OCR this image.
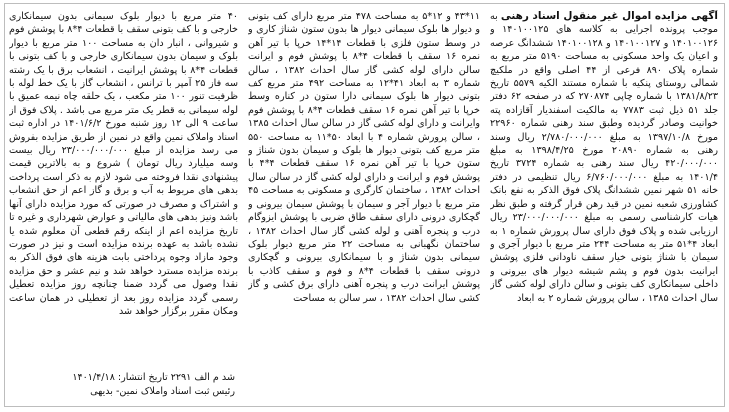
آگهی مزایده اموال غیر منقول اسناد رهنی به موجب پرونده اجرایی به کلاسه های ۱۴۰۱۰۰۱۲۵ و ۱۴۰۱۰۰۱۲۶ و ۱۴۰۱۰۰۱۲۷ و ۱۴۰۱۰۰۱۲۸ ششدانگ عرصه و اعیان یک واحد مسکونی به مساحت ۵۱۹۰ متر مربع به شماره پلاک ۸۹۰ فرعی از ۴۴ اصلی واقع در ملکیچ شمالی روستای پنکیه با شماره مستند الکیه ۵۵۷۹ تاریخ ۱۳۸۱/۸/۲۳ با شماره چاپی ۲۷۰۸۷۴ که در صفحه ۶۲ دفتر جلد ۵۱ ذیل ثبت ۷۷۸۳ به مالکیت اسفندیار آقازاده پته خوانیت وصادر گردیده وطبق سند رهنی شماره ۲۲۹۶۰ مورخ ۱۳۹۷/۱۰/۸ به مبلغ ۲/۷۸۰/۰۰۰/۰۰۰ ریال وسند رهنی به شماره ۲۰۸۹۰ مورخ ۱۳۹۸/۴/۲۵ به مبلغ ۴۲۰/۰۰۰/۰۰۰ ریال سند رهنی به شماره ۳۷۲۴ تاریخ ۱۴۰۱/۴ به مبلغ ۶/۷۶۰/۰۰۰/۰۰۰ ریال تنظیمی در دفتر خانه ۵۱ شهر نمین ششدانگ پلاک فوق الذکر به نفع بانک کشاورزی شعبه نمین در قید رهن قرار گرفته و طبق نظر هیات کارشناسی رسمی به مبلغ ۲۳/۰۰۰/۰۰۰/۰۰۰ ریال ارزیابی شده و پلاک فوق دارای سال پرورش شماره ۱ به ابعاد ۴*۵۱ متر به مساحت ۲۴۴ متر مربع با دیوار آجری و سیمان با شناژ بتونی خیار سقف ناودانی فلزی پوشش ایرانیت بدون فوم و پشم شیشه دیوار های بیرونی و داخلی سیمانکاری کف بتونی و سالن دارای لوله کشی گاز سال احداث ۱۳۸۵ ، سالن پرورش شماره ۲ به ابعاد
۱۱*۴۳ و ۱۲*۵ به مساحت ۴۷۸ متر مربع دارای کف بتونی و دیوار ها بلوک سیمانی دیوار ها بدون ستون شناژ کاری و در وسط ستون فلزی با قطعات ۱۴*۱۴ خرپا با تیر آهن نمره ۱۶ سقف با قطعات ۴*۸ با پوشش فوم و ایرانت سالن دارای لوله کشی گاز سال احداث ۱۳۸۲ ، سالن شماره ۳ به ابعاد ۴۱*۱۲ به مساحت ۴۹۲ متر مربع کف بتونی دیوار ها بلوک سیمانی دارا ستون در کناره وسط خرپا با تیر آهن نمره ۱۶ سقف قطعات ۴*۸ با پوشش فوم وایرانت و دارای لوله کشی گاز در سالن سال احداث ۱۳۸۵ ، سالن پرورش شماره ۴ با ابعاد ۵۰*۱۱ به مساحت ۵۵۰ متر مربع کف بتونی دیوار ها بلوک و سیمان بدون شناژ و ستون خرپا با تیر آهن نمره ۱۶ سقف قطعات ۴*۴ با پوشش فوم و ایرانت و دارای لوله کشی گاز در سالن سال احداث ۱۳۸۲ ، ساختمان کارگری و مسکونی به مساحت ۴۵ متر مربع با دیوار آجر و سیمان با پوشش سیمان بیرونی و گچکاری درونی دارای سقف طاق ضربی با پوشش ایزوگام درب و پنجره آهنی و لوله کشی گاز سال احداث ۱۳۸۲ ، ساختمان نگهبانی به مساحت ۲۲ متر مربع دیوار بلوک سیمانی بدون شناژ و با سیمانکاری بیرونی و گچکاری درونی سقف با قطعات ۴*۸ و فوم و سقف کاذب با پوشش ایرانت درب و پنجره آهنی دارای برق کشی و گاز کشی سال احداث ۱۳۸۲ ، سر سالن به مساحت
۴۰ متر مربع با دیوار بلوک سیمانی بدون سیمانکاری خارجی و با کف بتونی سقف با قطعات ۴*۸ با پوشش فوم و شیروانی ، انبار دان به مساحت ۱۰۰ متر مربع با دیوار بلوک و سیمان بدون سیمانکاری خارجی و با کف بتونی با قطعات ۴*۸ با پوشش ایرانیت ، انشعاب برق با یک رشته سه فاز ۲۵ آمپر با ترانس ، انشعاب گاز با یک خط لوله با ظرفیت تنور ۱۰۰ متر مکعب ، یک حلقه چاه نیمه عمیق با لوله سیمانی به قطر یک متر مربع می باشد . پلاک فوق از ساعت ۹ الی ۱۲ روز شنبه مورخ ۱۴۰۱/۶/۲ در اداره ثبت اسناد واملاک نمین واقع در نمین از طریق مزایده بفروش می رسد مزایده از مبلغ ۲۳/۰۰۰/۰۰۰/۰۰۰ ریال بیست وسه میلیارد ریال تومان ) شروع و به بالاترین قیمت پیشنهادی نقدا فروخته می شود لازم به ذکر است پرداخت بدهی های مربوط به آب و برق و گاز اعم از حق انشعاب و اشتراک و مصرف در صورتی که مورد مزایده دارای آنها باشد ونیز بدهی های مالیاتی و عوارض شهرداری و غیره تا تاریخ مزایده اعم از اینکه رقم قطعی آن معلوم شده یا نشده باشد به عهده برنده مزایده است و نیز در صورت وجود مازاد وجوه پرداختی بابت هزینه های فوق الذکر به برنده مزایده مسترد خواهد شد و نیم عشر و حق مزایده نقدا وصول می گردد ضمنا چنانچه روز مزایده تعطیل رسمی گردد مزایده روز بعد از تعطیلی در همان ساعت ومکان مقرر برگزار خواهد شد
شد م الف ۲۲۹۱ تاریخ انتشار: ۱۴۰۱/۴/۱۸
رئیس ثبت اسناد واملاک نمین- بدیهی
